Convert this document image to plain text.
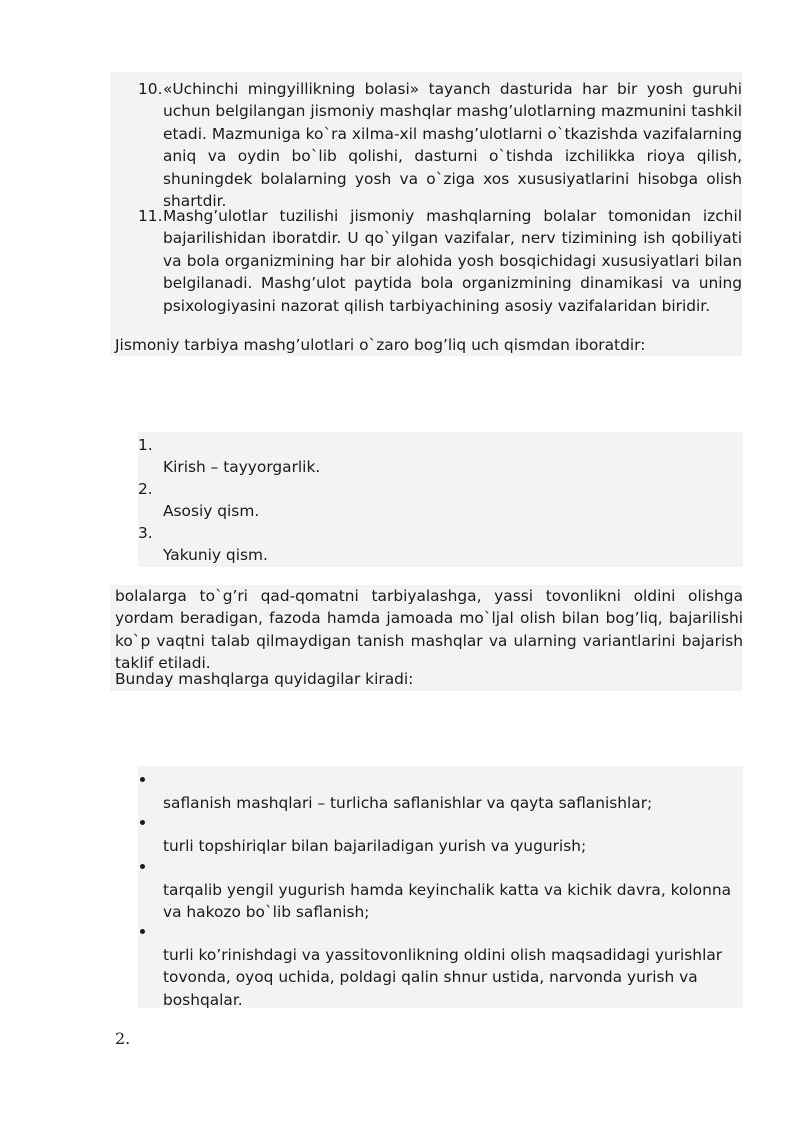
10. «Uchinchi mingyillikning bolasi» tayanch dasturida har bir yosh guruhi uchun belgilangan jismoniy mashqlar mashg’ulotlarning mazmunini tashkil etadi. Mazmuniga ko`ra xilma-xil mashg’ulotlarni o`tkazishda vazifalarning aniq va oydin bo`lib qolishi, dasturni o`tishda izchilikka rioya qilish, shuningdek bolalarning yosh va o`ziga xos xususiyatlarini hisobga olish shartdir.
11. Mashg’ulotlar tuzilishi jismoniy mashqlarning bolalar tomonidan izchil bajarilishidan iboratdir. U qo`yilgan vazifalar, nerv tizimining ish qobiliyati va bola organizmining har bir alohida yosh bosqichidagi xususiyatlari bilan belgilanadi. Mashg’ulot paytida bola organizmining dinamikasi va uning psixologiyasini nazorat qilish tarbiyachining asosiy vazifalaridan biridir.
Jismoniy tarbiya mashg’ulotlari o`zaro bog’liq uch qismdan iboratdir:
1.
Kirish – tayyorgarlik.
2.
Asosiy qism.
3.
Yakuniy qism.
bolalarga to`g’ri qad-qomatni tarbiyalashga, yassi tovonlikni oldini olishga yordam beradigan, fazoda hamda jamoada mo`ljal olish bilan bog’liq, bajarilishi ko`p vaqtni talab qilmaydigan tanish mashqlar va ularning variantlarini bajarish taklif etiladi.
Bunday mashqlarga quyidagilar kiradi:
saflanish mashqlari – turlicha saflanishlar va qayta saflanishlar;
turli topshiriqlar bilan bajariladigan yurish va yugurish;
tarqalib yengil yugurish hamda keyinchalik katta va kichik davra, kolonna va hakozo bo`lib saflanish;
turli ko’rinishdagi va yassitovonlikning oldini olish maqsadidagi yurishlar tovonda, oyoq uchida, poldagi qalin shnur ustida, narvonda yurish va boshqalar.
2.
